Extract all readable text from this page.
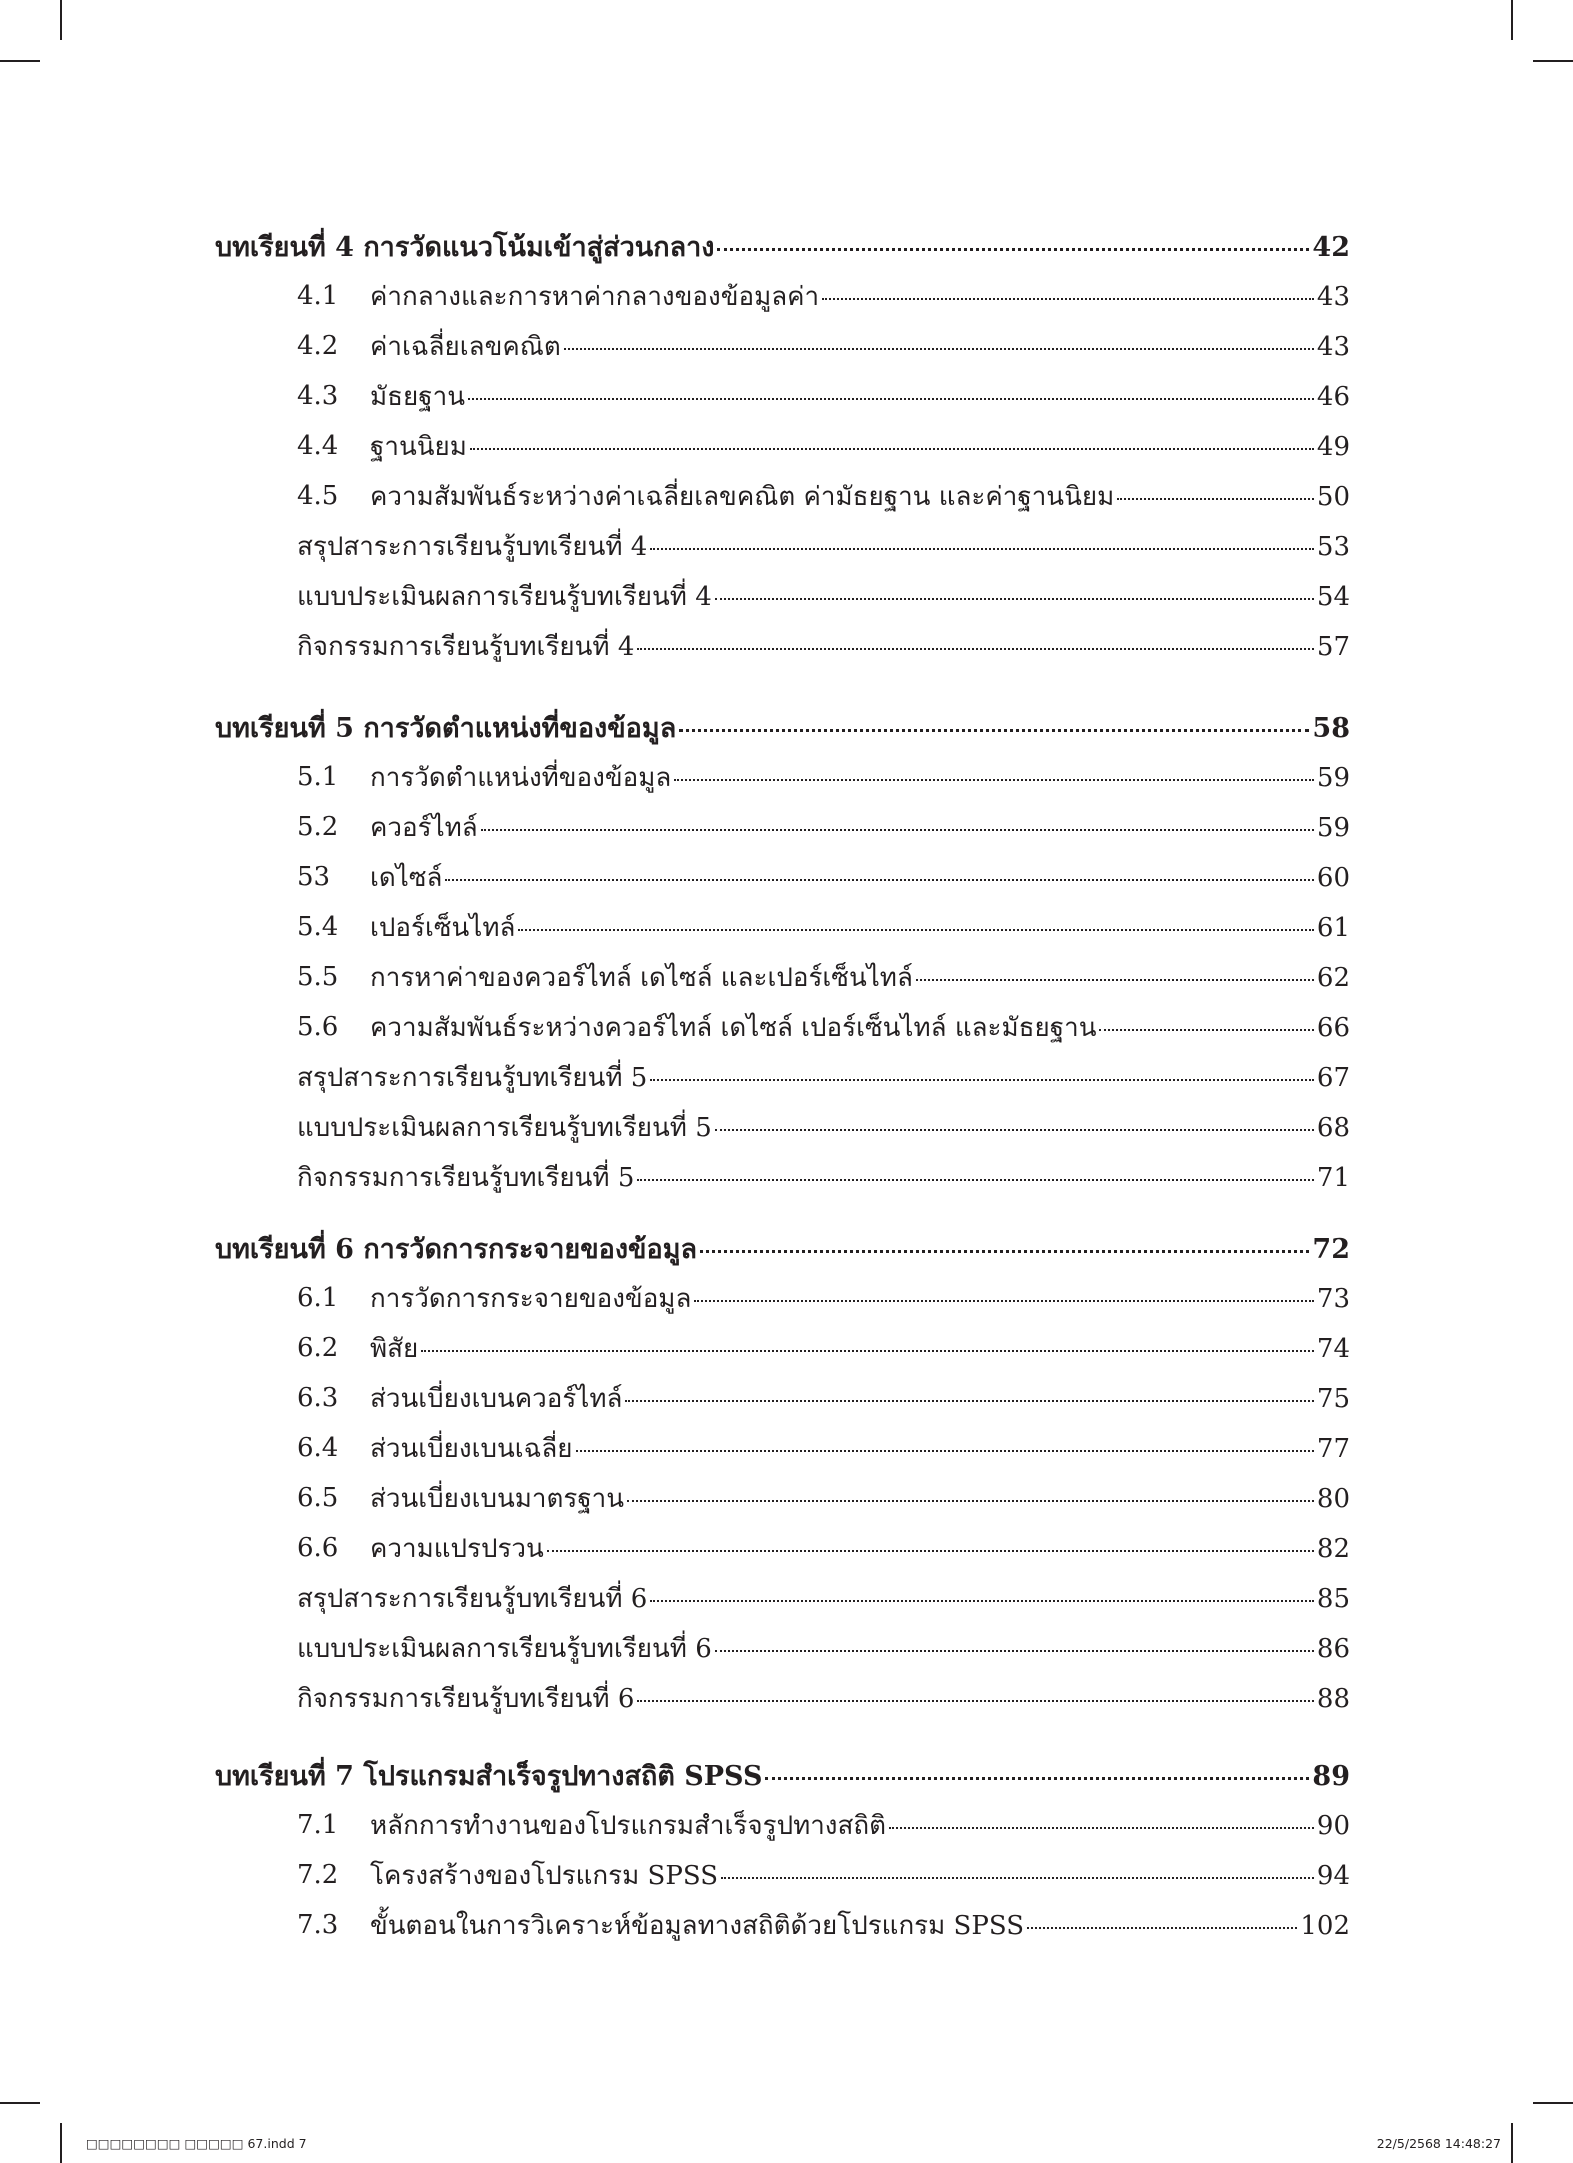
บทเรียนที่ 4 การวัดแนวโน้มเข้าสู่ส่วนกลาง	42
4.1 ค่ากลางและการหาค่ากลางของข้อมูลค่า	43
4.2 ค่าเฉลี่ยเลขคณิต	43
4.3 มัธยฐาน	46
4.4 ฐานนิยม	49
4.5 ความสัมพันธ์ระหว่างค่าเฉลี่ยเลขคณิต ค่ามัธยฐาน และค่าฐานนิยม	50
สรุปสาระการเรียนรู้บทเรียนที่ 4	53
แบบประเมินผลการเรียนรู้บทเรียนที่ 4	54
กิจกรรมการเรียนรู้บทเรียนที่ 4	57
บทเรียนที่ 5 การวัดตำแหน่งที่ของข้อมูล	58
5.1 การวัดตำแหน่งที่ของข้อมูล	59
5.2 ควอร์ไทล์	59
53 เดไซล์	60
5.4 เปอร์เซ็นไทล์	61
5.5 การหาค่าของควอร์ไทล์ เดไซล์ และเปอร์เซ็นไทล์	62
5.6 ความสัมพันธ์ระหว่างควอร์ไทล์ เดไซล์ เปอร์เซ็นไทล์ และมัธยฐาน	66
สรุปสาระการเรียนรู้บทเรียนที่ 5	67
แบบประเมินผลการเรียนรู้บทเรียนที่ 5	68
กิจกรรมการเรียนรู้บทเรียนที่ 5	71
บทเรียนที่ 6 การวัดการกระจายของข้อมูล	72
6.1 การวัดการกระจายของข้อมูล	73
6.2 พิสัย	74
6.3 ส่วนเบี่ยงเบนควอร์ไทล์	75
6.4 ส่วนเบี่ยงเบนเฉลี่ย	77
6.5 ส่วนเบี่ยงเบนมาตรฐาน	80
6.6 ความแปรปรวน	82
สรุปสาระการเรียนรู้บทเรียนที่ 6	85
แบบประเมินผลการเรียนรู้บทเรียนที่ 6	86
กิจกรรมการเรียนรู้บทเรียนที่ 6	88
บทเรียนที่ 7 โปรแกรมสำเร็จรูปทางสถิติ SPSS	89
7.1 หลักการทำงานของโปรแกรมสำเร็จรูปทางสถิติ	90
7.2 โครงสร้างของโปรแกรม SPSS	94
7.3 ขั้นตอนในการวิเคราะห์ข้อมูลทางสถิติด้วยโปรแกรม SPSS	102
□□□□□□□□ □□□□□ 67.indd 7	22/5/2568 14:48:27
